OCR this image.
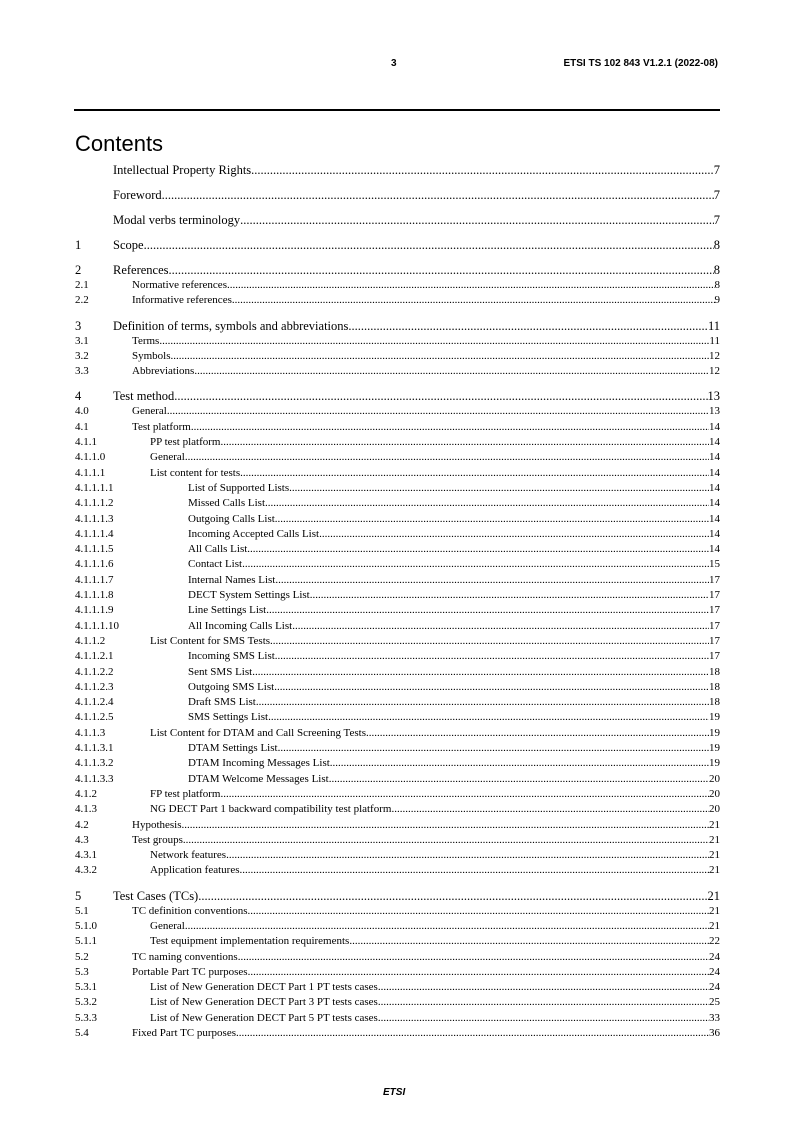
3	ETSI TS 102 843 V1.2.1 (2022-08)
Contents
Intellectual Property Rights .....	7
Foreword .....	7
Modal verbs terminology .....	7
1	Scope .....	8
2	References .....	8
2.1	Normative references .....	8
2.2	Informative references .....	9
3	Definition of terms, symbols and abbreviations .....	11
3.1	Terms .....	11
3.2	Symbols .....	12
3.3	Abbreviations .....	12
4	Test method .....	13
4.0	General .....	13
4.1	Test platform .....	14
4.1.1	PP test platform .....	14
4.1.1.0	General .....	14
4.1.1.1	List content for tests .....	14
4.1.1.1.1	List of Supported Lists .....	14
4.1.1.1.2	Missed Calls List .....	14
4.1.1.1.3	Outgoing Calls List .....	14
4.1.1.1.4	Incoming Accepted Calls List .....	14
4.1.1.1.5	All Calls List .....	14
4.1.1.1.6	Contact List .....	15
4.1.1.1.7	Internal Names List .....	17
4.1.1.1.8	DECT System Settings List .....	17
4.1.1.1.9	Line Settings List .....	17
4.1.1.1.10	All Incoming Calls List .....	17
4.1.1.2	List Content for SMS Tests .....	17
4.1.1.2.1	Incoming SMS List .....	17
4.1.1.2.2	Sent SMS List .....	18
4.1.1.2.3	Outgoing SMS List .....	18
4.1.1.2.4	Draft SMS List .....	18
4.1.1.2.5	SMS Settings List .....	19
4.1.1.3	List Content for DTAM and Call Screening Tests .....	19
4.1.1.3.1	DTAM Settings List .....	19
4.1.1.3.2	DTAM Incoming Messages List .....	19
4.1.1.3.3	DTAM Welcome Messages List .....	20
4.1.2	FP test platform .....	20
4.1.3	NG DECT Part 1 backward compatibility test platform .....	20
4.2	Hypothesis .....	21
4.3	Test groups .....	21
4.3.1	Network features .....	21
4.3.2	Application features .....	21
5	Test Cases (TCs) .....	21
5.1	TC definition conventions .....	21
5.1.0	General .....	21
5.1.1	Test equipment implementation requirements .....	22
5.2	TC naming conventions .....	24
5.3	Portable Part TC purposes .....	24
5.3.1	List of New Generation DECT Part 1 PT tests cases .....	24
5.3.2	List of New Generation DECT Part 3 PT tests cases .....	25
5.3.3	List of New Generation DECT Part 5 PT tests cases .....	33
5.4	Fixed Part TC purposes .....	36
ETSI
